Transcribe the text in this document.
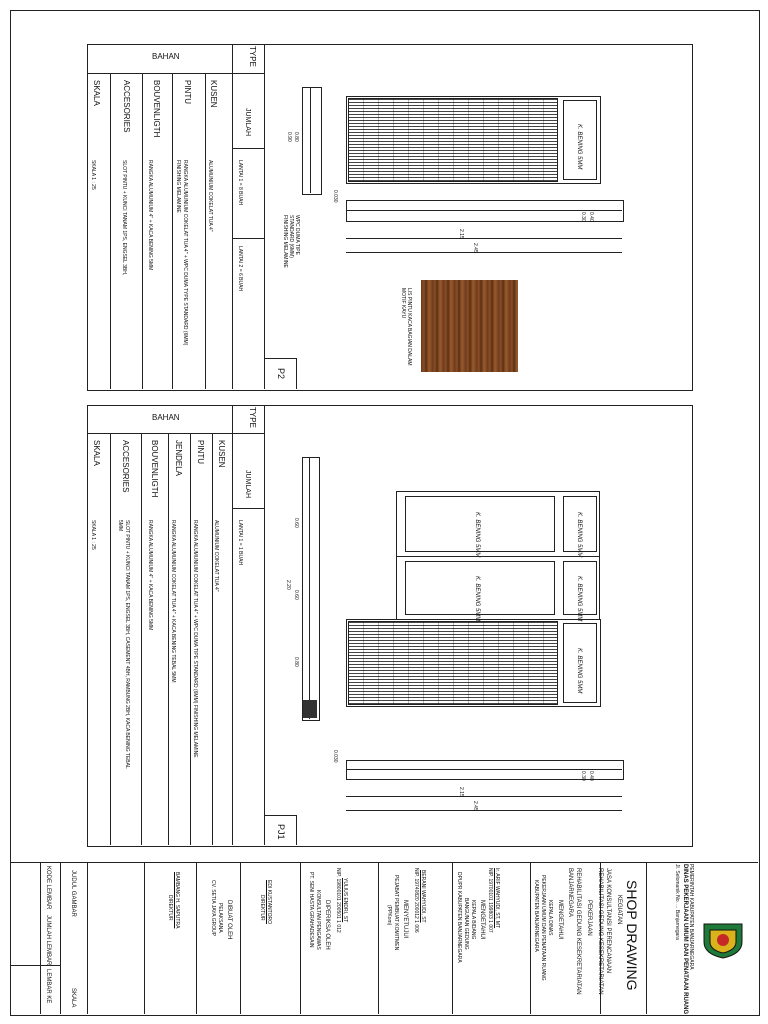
BAHAN	TYPE
JUMLAH
LANTAI 1 = 8 BUAH
LANTAI 2 = 6 BUAH
KUSEN
ALUMUNIUM COKELAT TUA 4"
PINTU
RANGKA ALUMUNIUM COKELAT TUA 4" + WPC DUMA TYPE STANDARD (6MM) FINISHING MELAMINE
BOUVENLIGTH
RANGKA ALUMUNIUM 4" + KACA BENING 5MM
ACCESORIES
SLOT PINTU + KUNCI TANAM 1PS, ENGSEL 3BH,
SKALA
SKALA 1 : 25
P2
WPC DUMA TIPE STANDARD (6MM) FINISHING MELAMINE
0.80
0.90	K. BENING 5MM
2.15
2.45
0.40
0.30
0.030
LIS PINTU KACA BAGIAN DALAM MOTIF KAYU
BAHAN	TYPE
JUMLAH
LANTAI 1 = 1 BUAH
KUSEN
ALUMUNIUM COKELAT TUA 4"
PINTU
RANGKA ALUMUNIUM COKELAT TUA 4" + WPC DUMA TIPE STANDARD (6MM) FINISHING MELAMINE
JENDELA
RANGKA ALUMUNIUM COKELAT TUA 4" + KACA BENING TEBAL 5MM
BOUVENLIGTH
RANGKA ALUMUNIUM 4" + KACA BENING 5MM
ACCESORIES
SLOT PINTU + KUNCI TANAM 1PS, ENGSEL 3BH, CASEMENT 4BH, RAMBUNG 2BH, KACA BENING TEBAL 5MM
SKALA
SKALA 1 : 25
PJ1
0.60
0.60
0.80
2.20
K. BENING 5MM	K. BENING 5MM
K. BENING 5MM	K. BENING 5MM
K. BENING 5MM
2.15
2.45
0.40
0.30
0.030
PEMERINTAH KABUPATEN BANJARNEGARA
DINAS PEKERJAAN UMUM DAN PENATAAN RUANG
Jl. Selomanik No. ... Banjarnegara
SHOP DRAWING
KEGIATAN
JASA KONSULTANSI PERENCANAAN REHABILITASI GEDUNG KESEKRETARIATAN
PEKERJAAN
REHABILITASI GEDUNG KESEKRETARIATAN BANJARNEGARA
MENGETAHUI
KEPALA DINAS
PEKERJAAN UMUM DAN PENATAAN RUANG
KABUPATEN BANJARNEGARA
Ir. ARIF WAHYUDI, ST, MT
NIP. 19700101 199803 1 007
MENGETAHUI
KEPALA BIDANG
BANGUNAN GEDUNG
DPUPR KABUPATEN BANJARNEGARA
BERANI WAHYUDI, ST
NIP. 19740820 200012 1 006
MENYETUJUI
PEJABAT PEMBUAT KOMITMEN
(PPKom)
YULIUS ENDRI, ST
NIP. 19800101 200501 1 012
DIPERIKSA OLEH
KONSULTAN PENGAWAS
PT. SENI HASTA GRAHADESAIN
EDI KUSTANTORO
DIREKTUR
DIBUAT OLEH
PELAKSANA
CV. SETIA JAYA GROUP
BAMBANG H. SAPUTRA
DIREKTUR
JUDUL GAMBAR
SKALA
KODE LEMBAR
JUMLAH LEMBAR
LEMBAR KE
